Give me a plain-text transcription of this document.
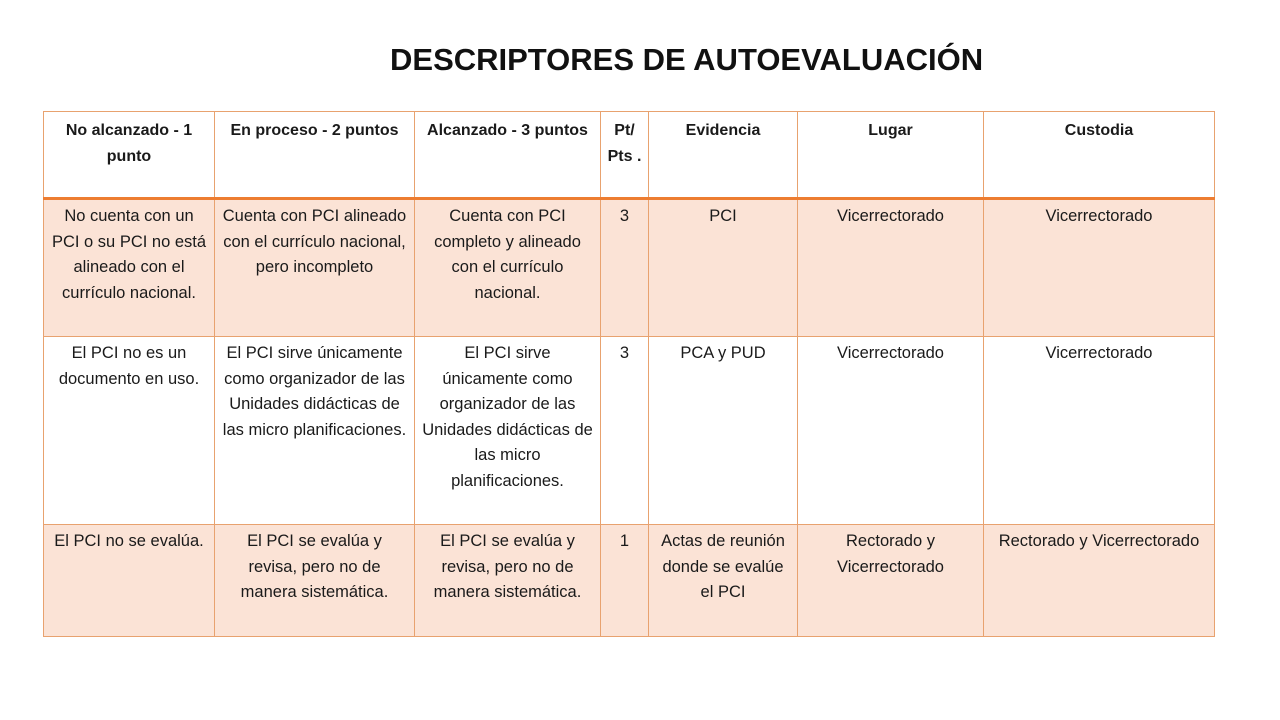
DESCRIPTORES DE AUTOEVALUACIÓN
No alcanzado - 1 punto	En proceso - 2 puntos	Alcanzado - 3 puntos	Pt/ Pts .	Evidencia	Lugar	Custodia
No cuenta con un PCI o su PCI no está alineado con el currículo nacional.	Cuenta con PCI alineado con el currículo nacional, pero incompleto	Cuenta con PCI completo y alineado con el currículo nacional.	3	PCI	Vicerrectorado	Vicerrectorado
El PCI no es un documento en uso.	El PCI sirve únicamente como organizador de las Unidades didácticas de las micro planificaciones.	El PCI sirve únicamente como organizador de las Unidades didácticas de las micro planificaciones.	3	PCA y PUD	Vicerrectorado	Vicerrectorado
El PCI no se evalúa.	El PCI se evalúa y revisa, pero no de manera sistemática.	El PCI se evalúa y revisa, pero no de manera sistemática.	1	Actas de reunión donde se evalúe el PCI	Rectorado y Vicerrectorado	Rectorado y Vicerrectorado
